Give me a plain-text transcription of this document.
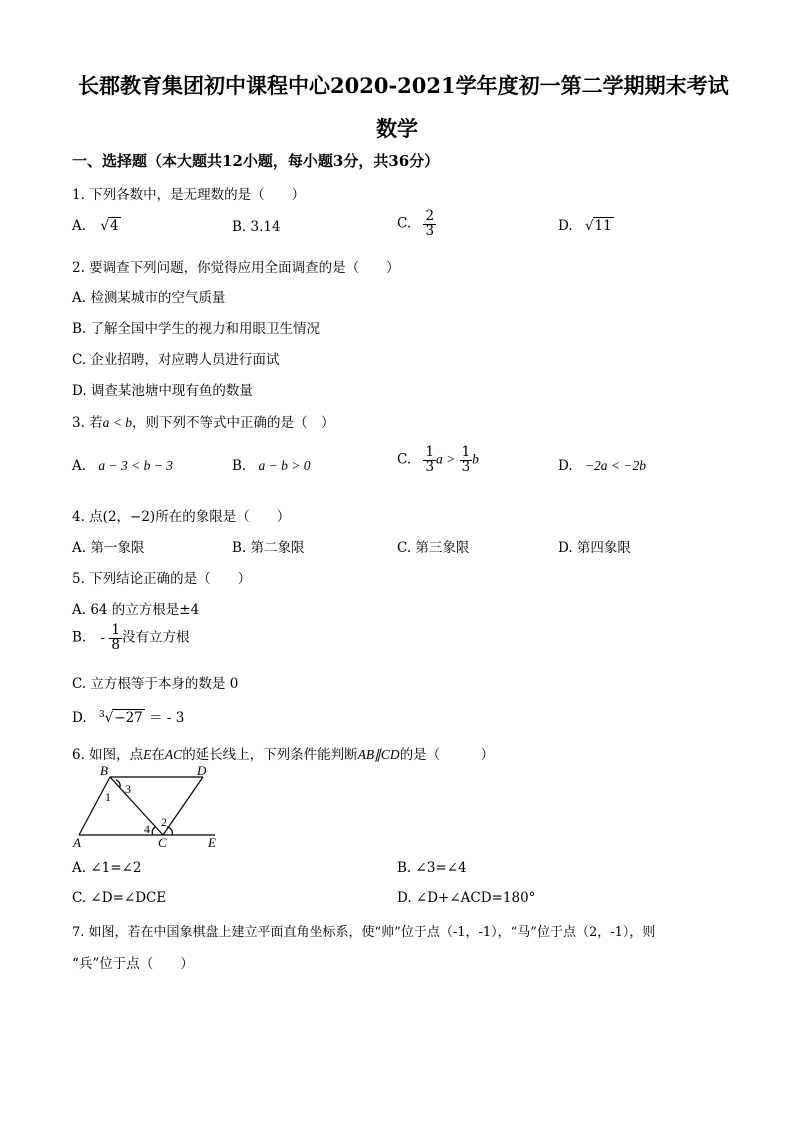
长郡教育集团初中课程中心2020-2021学年度初一第二学期期末考试
数学
一、选择题（本大题共12小题，每小题3分，共36分）
1. 下列各数中，是无理数的是（　　）
A. √4	B. 3.14	C. $\frac{2}{3}$	D. √11
2. 要调查下列问题，你觉得应用全面调查的是（　　）
A. 检测某城市的空气质量
B. 了解全国中学生的视力和用眼卫生情况
C. 企业招聘，对应聘人员进行面试
D. 调查某池塘中现有鱼的数量
3. 若a < b，则下列不等式中正确的是（　）
A. a − 3 < b − 3	B. a − b > 0	C. $\frac{1}{3}$ $a > \frac{1}{3}$ b	D. −2a < −2b
4. 点(2，−2)所在的象限是（　　）
A. 第一象限	B. 第二象限	C. 第三象限	D. 第四象限
5. 下列结论正确的是（　　）
A. 64 的立方根是±4
B. - $\frac{1}{8}$ 没有立方根
C. 立方根等于本身的数是 0
D. $^3$√−27 ＝ - 3
6. 如图，点E在AC的延长线上，下列条件能判断AB∥CD的是（　　　）
B	D
A	C	E
1
3
4 2
A. ∠1=∠2	B. ∠3=∠4
C. ∠D=∠DCE	D. ∠D+∠ACD=180°
7. 如图，若在中国象棋盘上建立平面直角坐标系，使“帅”位于点（-1，-1），“马”位于点（2，-1），则
“兵”位于点（　　）
